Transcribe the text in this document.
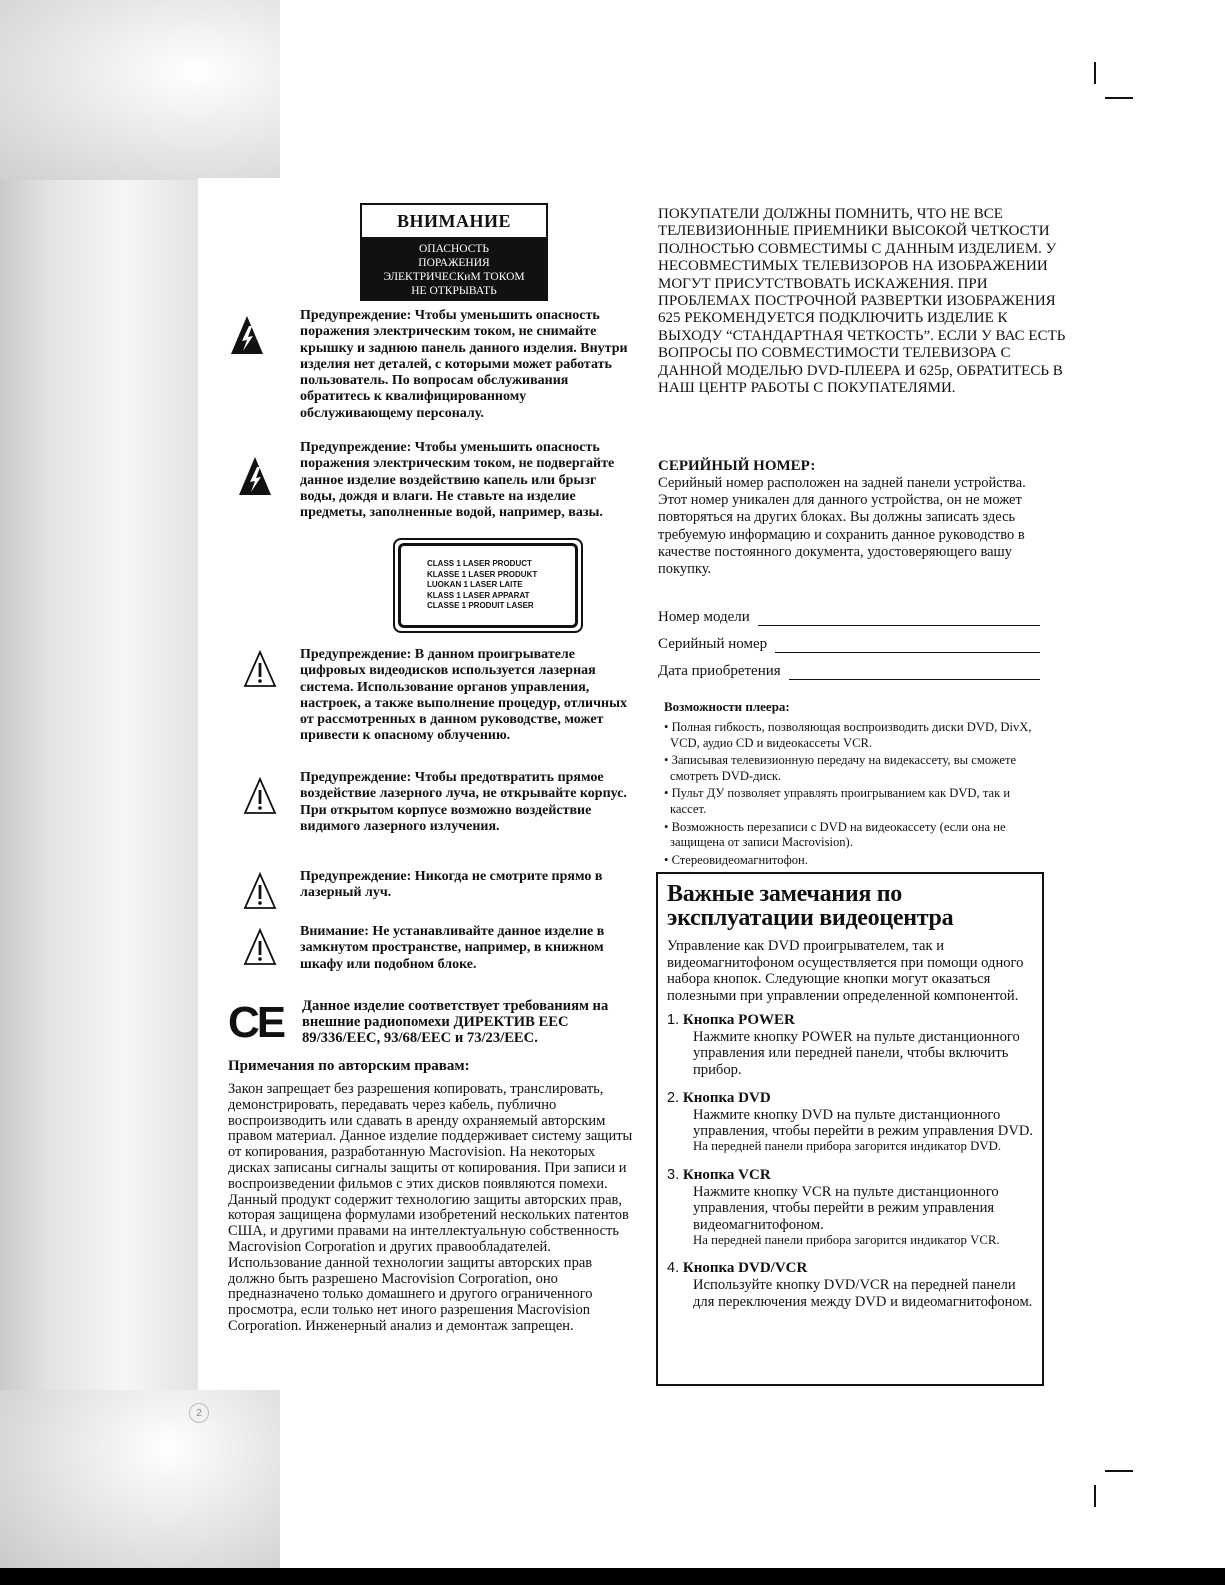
2
ВНИМАНИЕ
ОПАСНОСТЬ
ПОРАЖЕНИЯ
ЭЛЕКТРИЧЕСКиМ ТОКОМ
НЕ ОТКРЫВАТЬ
Предупреждение: Чтобы уменьшить опасность поражения электрическим током, не снимайте крышку и заднюю панель данного изделия. Внутри изделия нет деталей, с которыми может работать пользователь. По вопросам обслуживания обратитесь к квалифицированному обслуживающему персоналу.
Предупреждение: Чтобы уменьшить опасность поражения электрическим током, не подвергайте данное изделие воздействию капель или брызг воды, дождя и влаги. Не ставьте на изделие предметы, заполненные водой, например, вазы.
CLASS 1 LASER PRODUCT
KLASSE 1 LASER PRODUKT
LUOKAN 1 LASER LAITE
KLASS 1 LASER APPARAT
CLASSE 1 PRODUIT LASER
Предупреждение: В данном проигрывателе цифровых видеодисков используется лазерная система. Использование органов управления, настроек, а также выполнение процедур, отличных от рассмотренных в данном руководстве, может привести к опасному облучению.
Предупреждение: Чтобы предотвратить прямое воздействие лазерного луча, не открывайте корпус. При открытом корпусе возможно воздействие видимого лазерного излучения.
Предупреждение: Никогда не смотрите прямо в лазерный луч.
Внимание: Не устанавливайте данное изделие в замкнутом пространстве, например, в книжном шкафу или подобном блоке.
CE Данное изделие соответствует требованиям на внешние радиопомехи ДИРЕКТИВ ЕЕС 89/336/EEC, 93/68/EEC и 73/23/EEC.
Примечания по авторским правам:
Закон запрещает без разрешения копировать, транслировать, демонстрировать, передавать через кабель, публично воспроизводить или сдавать в аренду охраняемый авторским правом материал. Данное изделие поддерживает систему защиты от копирования, разработанную Macrovision. На некоторых дисках записаны сигналы защиты от копирования. При записи и воспроизведении фильмов с этих дисков появляются помехи. Данный продукт содержит технологию защиты авторских прав, которая защищена формулами изобретений нескольких патентов США, и другими правами на интеллектуальную собственность Macrovision Corporation и других правообладателей. Использование данной технологии защиты авторских прав должно быть разрешено Macrovision Corporation, оно предназначено только домашнего и другого ограниченного просмотра, если только нет иного разрешения Macrovision Corporation. Инженерный анализ и демонтаж запрещен.
ПОКУПАТЕЛИ ДОЛЖНЫ ПОМНИТЬ, ЧТО НЕ ВСЕ ТЕЛЕВИЗИОННЫЕ ПРИЕМНИКИ ВЫСОКОЙ ЧЕТКОСТИ ПОЛНОСТЬЮ СОВМЕСТИМЫ С ДАННЫМ ИЗДЕЛИЕМ. У НЕСОВМЕСТИМЫХ ТЕЛЕВИЗОРОВ НА ИЗОБРАЖЕНИИ МОГУТ ПРИСУТСТВОВАТЬ ИСКАЖЕНИЯ. ПРИ ПРОБЛЕМАХ ПОСТРОЧНОЙ РАЗВЕРТКИ ИЗОБРАЖЕНИЯ 625 РЕКОМЕНДУЕТСЯ ПОДКЛЮЧИТЬ ИЗДЕЛИЕ К ВЫХОДУ “СТАНДАРТНАЯ ЧЕТКОСТЬ”. ЕСЛИ У ВАС ЕСТЬ ВОПРОСЫ ПО СОВМЕСТИМОСТИ ТЕЛЕВИЗОРА С ДАННОЙ МОДЕЛЬЮ DVD-ПЛЕЕРА И 625p, ОБРАТИТЕСЬ В НАШ ЦЕНТР РАБОТЫ С ПОКУПАТЕЛЯМИ.
СЕРИЙНЫЙ НОМЕР:
Серийный номер расположен на задней панели устройства. Этот номер уникален для данного устройства, он не может повторяться на других блоках. Вы должны записать здесь требуемую информацию и сохранить данное руководство в качестве постоянного документа, удостоверяющего вашу покупку.
Номер модели
Серийный номер
Дата приобретения
Возможности плеера:
• Полная гибкость, позволяющая воспроизводить диски DVD, DivX, VCD, аудио CD и видеокассеты VCR.
• Записывая телевизионную передачу на видекассету, вы сможете смотреть DVD-диск.
• Пульт ДУ позволяет управлять проигрыванием как DVD, так и кассет.
• Возможность перезаписи с DVD на видеокассету (если она не защищена от записи Macrovision).
• Стереовидеомагнитофон.
Важные замечания по эксплуатации видеоцентра
Управление как DVD проигрывателем, так и видеомагнитофоном осуществляется при помощи одного набора кнопок. Следующие кнопки могут оказаться полезными при управлении определенной компонентой.
1. Кнопка POWER
Нажмите кнопку POWER на пульте дистанционного управления или передней панели, чтобы включить прибор.
2. Кнопка DVD
Нажмите кнопку DVD на пульте дистанционного управления, чтобы перейти в режим управления DVD.
На передней панели прибора загорится индикатор DVD.
3. Кнопка VCR
Нажмите кнопку VCR на пульте дистанционного управления, чтобы перейти в режим управления видеомагнитофоном.
На передней панели прибора загорится индикатор VCR.
4. Кнопка DVD/VCR
Используйте кнопку DVD/VCR на передней панели для переключения между DVD и видеомагнитофоном.
